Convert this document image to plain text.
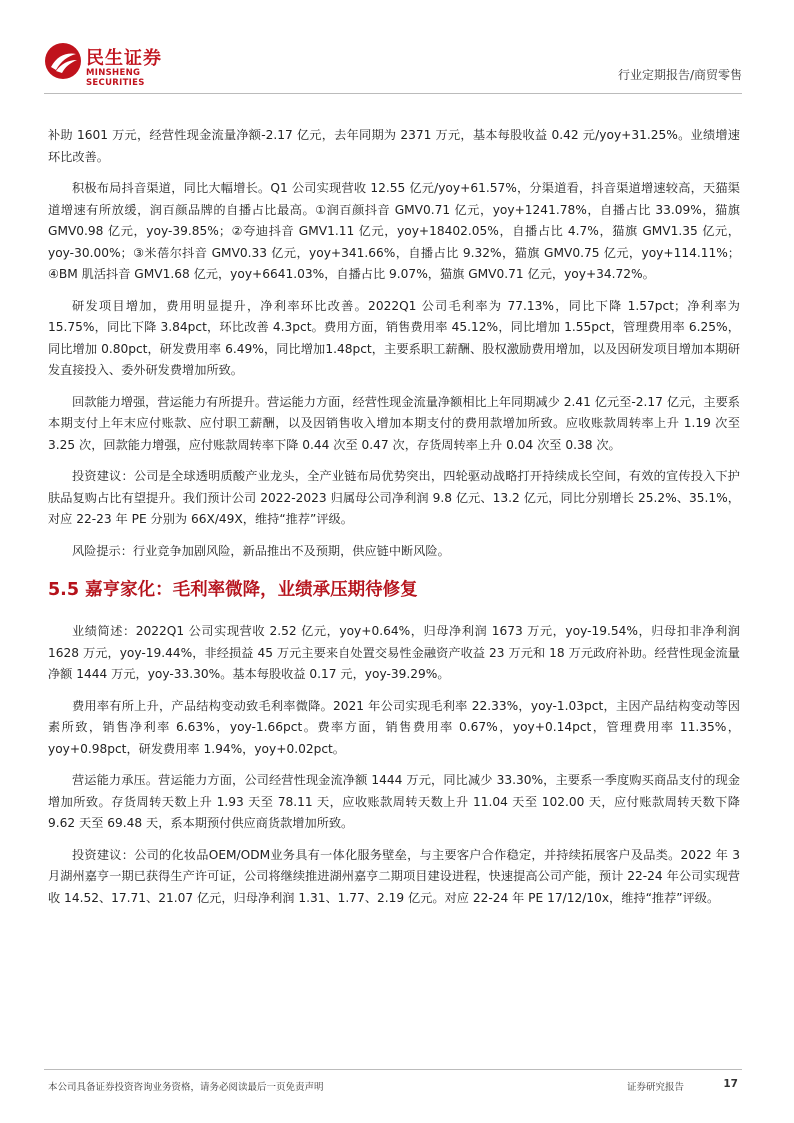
民生证券
MINSHENG SECURITIES
行业定期报告/商贸零售

补助 1601 万元，经营性现金流量净额-2.17 亿元，去年同期为 2371 万元，基本每股收益 0.42 元/yoy+31.25%。业绩增速环比改善。

积极布局抖音渠道，同比大幅增长。Q1 公司实现营收 12.55 亿元/yoy+61.57%，分渠道看，抖音渠道增速较高，天猫渠道增速有所放缓，润百颜品牌的自播占比最高。①润百颜抖音 GMV0.71 亿元，yoy+1241.78%，自播占比 33.09%，猫旗 GMV0.98 亿元，yoy-39.85%；②夸迪抖音 GMV1.11 亿元，yoy+18402.05%，自播占比 4.7%，猫旗 GMV1.35 亿元，yoy-30.00%；③米蓓尔抖音 GMV0.33 亿元，yoy+341.66%，自播占比 9.32%，猫旗 GMV0.75 亿元，yoy+114.11%；④BM 肌活抖音 GMV1.68 亿元，yoy+6641.03%，自播占比 9.07%，猫旗 GMV0.71 亿元，yoy+34.72%。

研发项目增加，费用明显提升，净利率环比改善。2022Q1 公司毛利率为 77.13%，同比下降 1.57pct；净利率为 15.75%，同比下降 3.84pct，环比改善 4.3pct。费用方面，销售费用率 45.12%，同比增加 1.55pct，管理费用率 6.25%，同比增加 0.80pct，研发费用率 6.49%，同比增加1.48pct，主要系职工薪酬、股权激励费用增加，以及因研发项目增加本期研发直接投入、委外研发费增加所致。

回款能力增强，营运能力有所提升。营运能力方面，经营性现金流量净额相比上年同期减少 2.41 亿元至-2.17 亿元，主要系本期支付上年末应付账款、应付职工薪酬，以及因销售收入增加本期支付的费用款增加所致。应收账款周转率上升 1.19 次至 3.25 次，回款能力增强，应付账款周转率下降 0.44 次至 0.47 次，存货周转率上升 0.04 次至 0.38 次。

投资建议：公司是全球透明质酸产业龙头，全产业链布局优势突出，四轮驱动战略打开持续成长空间，有效的宣传投入下护肤品复购占比有望提升。我们预计公司 2022-2023 归属母公司净利润 9.8 亿元、13.2 亿元，同比分别增长 25.2%、35.1%，对应 22-23 年 PE 分别为 66X/49X，维持“推荐”评级。

风险提示：行业竞争加剧风险，新品推出不及预期，供应链中断风险。

5.5 嘉亨家化：毛利率微降，业绩承压期待修复

业绩简述：2022Q1 公司实现营收 2.52 亿元，yoy+0.64%，归母净利润 1673 万元，yoy-19.54%，归母扣非净利润 1628 万元，yoy-19.44%，非经损益 45 万元主要来自处置交易性金融资产收益 23 万元和 18 万元政府补助。经营性现金流量净额 1444 万元，yoy-33.30%。基本每股收益 0.17 元，yoy-39.29%。

费用率有所上升，产品结构变动致毛利率微降。2021 年公司实现毛利率 22.33%，yoy-1.03pct，主因产品结构变动等因素所致，销售净利率 6.63%，yoy-1.66pct。费率方面，销售费用率 0.67%，yoy+0.14pct，管理费用率 11.35%，yoy+0.98pct，研发费用率 1.94%，yoy+0.02pct。

营运能力承压。营运能力方面，公司经营性现金流净额 1444 万元，同比减少 33.30%，主要系一季度购买商品支付的现金增加所致。存货周转天数上升 1.93 天至 78.11 天，应收账款周转天数上升 11.04 天至 102.00 天，应付账款周转天数下降 9.62 天至 69.48 天，系本期预付供应商货款增加所致。

投资建议：公司的化妆品OEM/ODM业务具有一体化服务壁垒，与主要客户合作稳定，并持续拓展客户及品类。2022 年 3 月湖州嘉亨一期已获得生产许可证，公司将继续推进湖州嘉亨二期项目建设进程，快速提高公司产能，预计 22-24 年公司实现营收 14.52、17.71、21.07 亿元，归母净利润 1.31、1.77、2.19 亿元。对应 22-24 年 PE 17/12/10x，维持“推荐”评级。

本公司具备证券投资咨询业务资格，请务必阅读最后一页免责声明	证券研究报告	17
